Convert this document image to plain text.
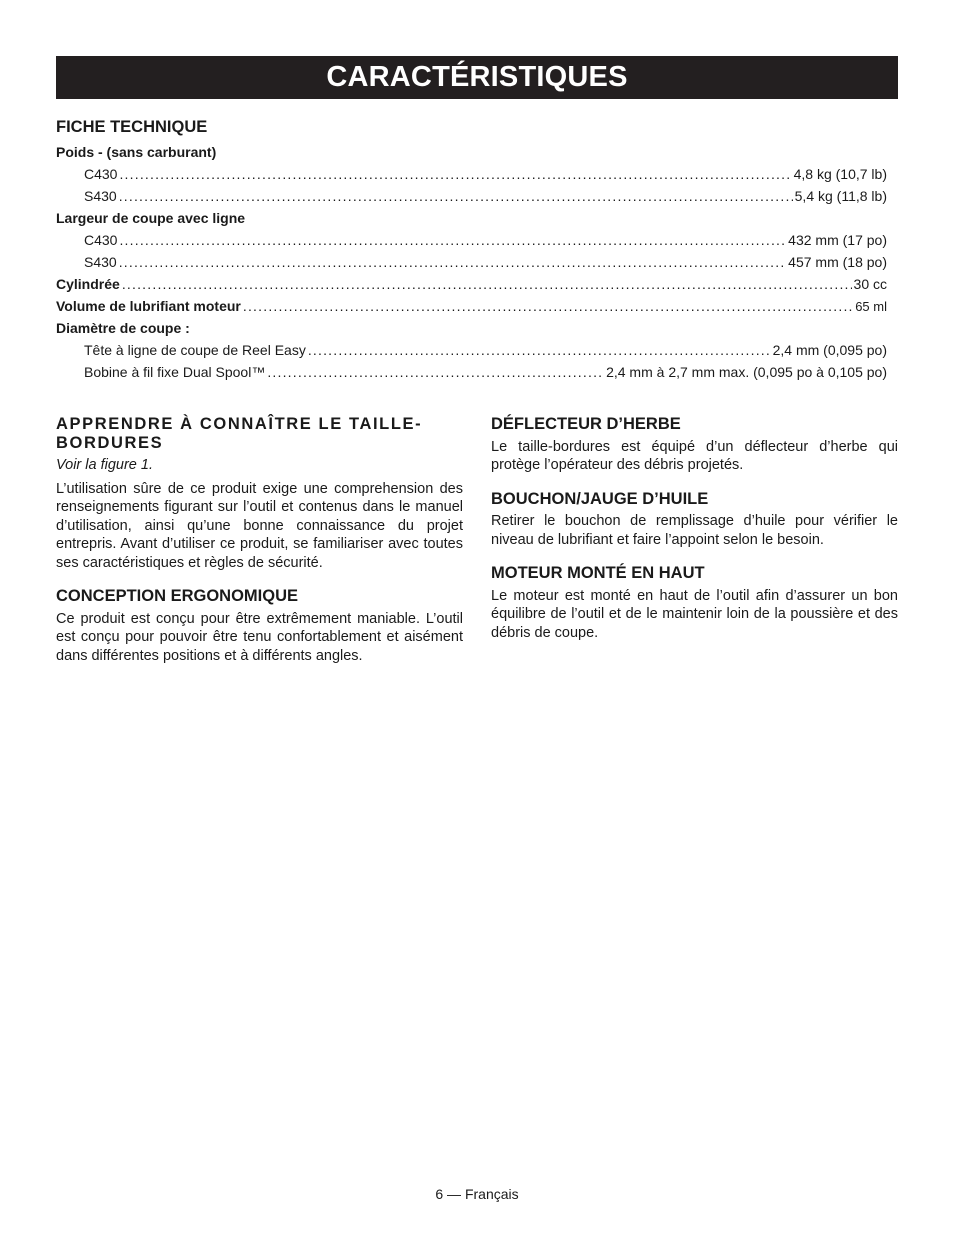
CARACTÉRISTIQUES
FICHE TECHNIQUE
Poids - (sans carburant)
C430 .....	4,8 kg (10,7 lb)
S430 .....	5,4 kg (11,8 lb)
Largeur de coupe avec ligne
C430 .....	432 mm (17 po)
S430 .....	457 mm (18 po)
Cylindrée .....	30 cc
Volume de lubrifiant moteur .....	65 ml
Diamètre de coupe :
Tête à ligne de coupe de Reel Easy .....	2,4 mm (0,095 po)
Bobine à fil fixe Dual Spool™ .....	2,4 mm à 2,7 mm max. (0,095 po à 0,105 po)
APPRENDRE À CONNAÎTRE LE TAILLE-BORDURES

Voir la figure 1.

L’utilisation sûre de ce produit exige une comprehension des renseignements figurant sur l’outil et contenus dans le manuel d’utilisation, ainsi qu’une bonne connaissance du projet entrepris. Avant d’utiliser ce produit, se familiariser avec toutes ses caractéristiques et règles de sécurité.

CONCEPTION ERGONOMIQUE

Ce produit est conçu pour être extrêmement maniable. L’outil est conçu pour pouvoir être tenu confortablement et aisément dans différentes positions et à différents angles.

DÉFLECTEUR D’HERBE

Le taille-bordures est équipé d’un déflecteur d’herbe qui protège l’opérateur des débris projetés.

BOUCHON/JAUGE D’HUILE

Retirer le bouchon de remplissage d’huile pour vérifier le niveau de lubrifiant et faire l’appoint selon le besoin.

MOTEUR MONTÉ EN HAUT

Le moteur est monté en haut de l’outil afin d’assurer un bon équilibre de l’outil et de le maintenir loin de la poussière et des débris de coupe.

6 — Français
